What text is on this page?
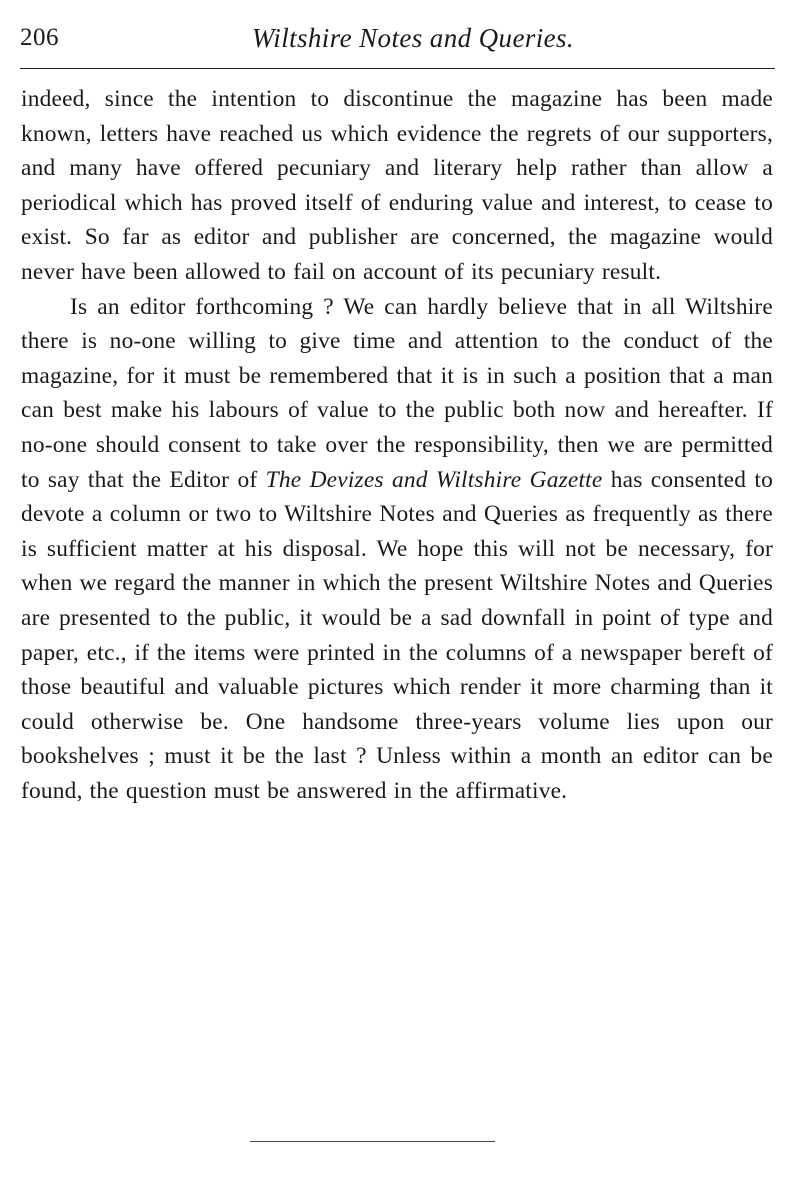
206	Wiltshire Notes and Queries.

indeed, since the intention to discontinue the magazine has been made known, letters have reached us which evidence the regrets of our supporters, and many have offered pecuniary and literary help rather than allow a periodical which has proved itself of enduring value and interest, to cease to exist. So far as editor and publisher are concerned, the magazine would never have been allowed to fail on account of its pecuniary result.

Is an editor forthcoming ? We can hardly believe that in all Wiltshire there is no-one willing to give time and attention to the conduct of the magazine, for it must be remembered that it is in such a position that a man can best make his labours of value to the public both now and hereafter. If no-one should consent to take over the responsibility, then we are permitted to say that the Editor of The Devizes and Wiltshire Gazette has consented to devote a column or two to Wiltshire Notes and Queries as frequently as there is sufficient matter at his disposal. We hope this will not be necessary, for when we regard the manner in which the present Wiltshire Notes and Queries are presented to the public, it would be a sad downfall in point of type and paper, etc., if the items were printed in the columns of a newspaper bereft of those beautiful and valuable pictures which render it more charming than it could otherwise be. One handsome three-years volume lies upon our bookshelves ; must it be the last ? Unless within a month an editor can be found, the question must be answered in the affirmative.
